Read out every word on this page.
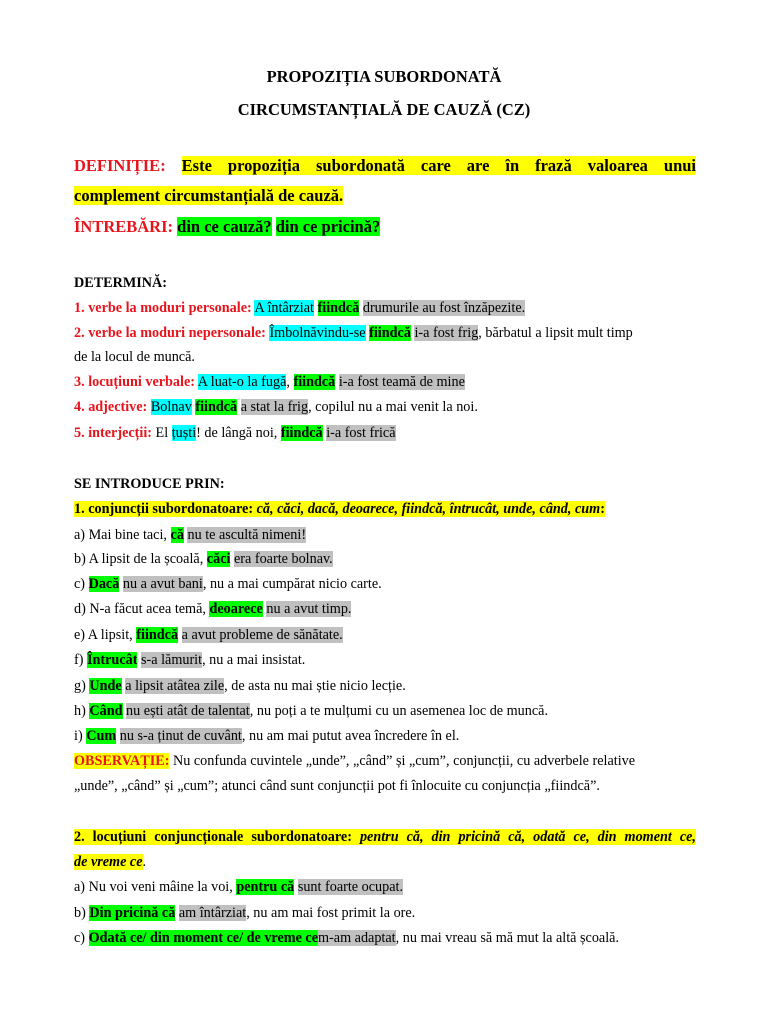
PROPOZIȚIA SUBORDONATĂ
CIRCUMSTANȚIALĂ DE CAUZĂ (CZ)
DEFINIȚIE: Este propoziția subordonată care are în frază valoarea unui
complement circumstanțială de cauză.
ÎNTREBĂRI: din ce cauză? din ce pricină?
DETERMINĂ:
1. verbe la moduri personale: A întârziat fiindcă drumurile au fost înzăpezite.
2. verbe la moduri nepersonale: Îmbolnăvindu-se fiindcă i-a fost frig, bărbatul a lipsit mult timp
de la locul de muncă.
3. locuțiuni verbale: A luat-o la fugă, fiindcă i-a fost teamă de mine
4. adjective: Bolnav fiindcă a stat la frig, copilul nu a mai venit la noi.
5. interjecții: El țuști! de lângă noi, fiindcă i-a fost frică
SE INTRODUCE PRIN:
1. conjuncții subordonatoare: că, căci, dacă, deoarece, fiindcă, întrucât, unde, când, cum:
a) Mai bine taci, că nu te ascultă nimeni!
b) A lipsit de la școală, căci era foarte bolnav.
c) Dacă nu a avut bani, nu a mai cumpărat nicio carte.
d) N-a făcut acea temă, deoarece nu a avut timp.
e) A lipsit, fiindcă a avut probleme de sănătate.
f) Întrucât s-a lămurit, nu a mai insistat.
g) Unde a lipsit atâtea zile, de asta nu mai știe nicio lecție.
h) Când nu ești atât de talentat, nu poți a te mulțumi cu un asemenea loc de muncă.
i) Cum nu s-a ținut de cuvânt, nu am mai putut avea încredere în el.
OBSERVAȚIE: Nu confunda cuvintele „unde”, „când” și „cum”, conjuncții, cu adverbele relative
„unde”, „când” și „cum”; atunci când sunt conjuncții pot fi înlocuite cu conjuncția „fiindcă”.
2. locuțiuni conjuncționale subordonatoare: pentru că, din pricină că, odată ce, din moment ce,
de vreme ce.
a) Nu voi veni mâine la voi, pentru că sunt foarte ocupat.
b) Din pricină că am întârziat, nu am mai fost primit la ore.
c) Odată ce/ din moment ce/ de vreme cem-am adaptat, nu mai vreau să mă mut la altă școală.
